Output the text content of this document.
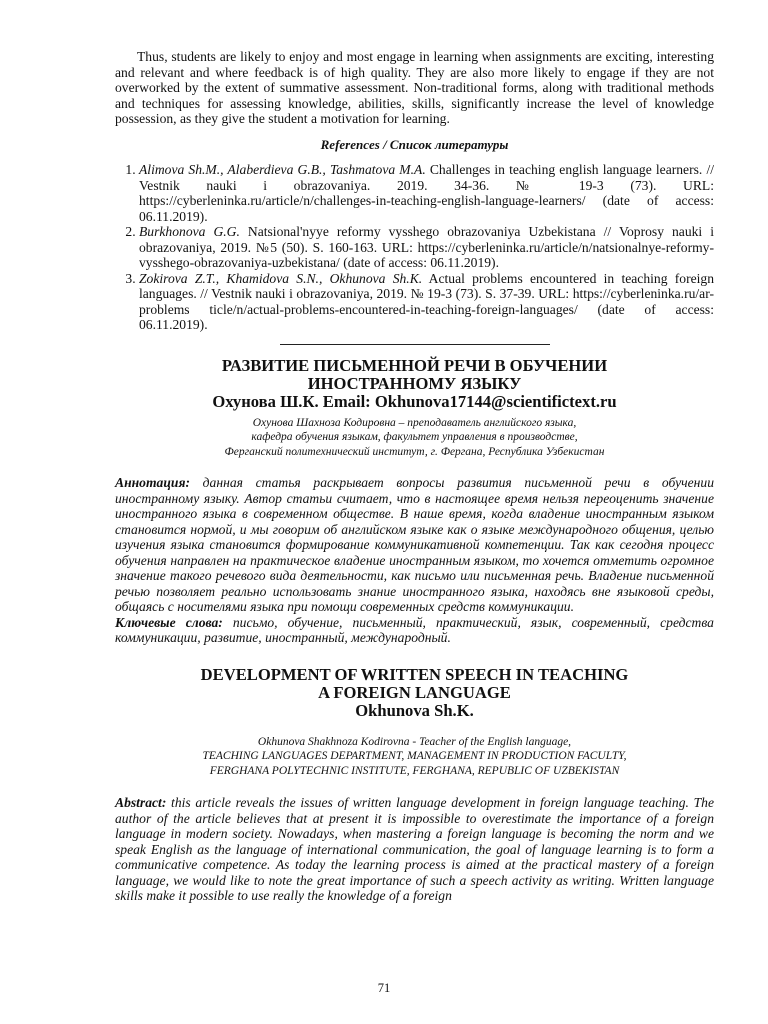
Thus, students are likely to enjoy and most engage in learning when assignments are exciting, interesting and relevant and where feedback is of high quality. They are also more likely to engage if they are not overworked by the extent of summative assessment. Non-traditional forms, along with traditional methods and techniques for assessing knowledge, abilities, skills, significantly increase the level of knowledge possession, as they give the student a motivation for learning.

References / Список литературы
1. Alimova Sh.M., Alaberdieva G.B., Tashmatova M.A. Challenges in teaching english language learners. // Vestnik nauki i obrazovaniya. 2019. 34-36. № 19-3 (73). URL: https://cyberleninka.ru/article/n/challenges-in-teaching-english-language-learners/ (date of access: 06.11.2019).
2. Burkhonova G.G. Natsional'nyye reformy vysshego obrazovaniya Uzbekistana // Voprosy nauki i obrazovaniya, 2019. №5 (50). S. 160-163. URL: https://cyberleninka.ru/article/n/natsionalnye-reformy-vysshego-obrazovaniya-uzbekistana/ (date of access: 06.11.2019).
3. Zokirova Z.T., Khamidova S.N., Okhunova Sh.K. Actual problems encountered in teaching foreign languages. // Vestnik nauki i obrazovaniya, 2019. № 19-3 (73). S. 37-39. URL: https://cyberleninka.ru/ar-problems ticle/n/actual-problems-encountered-in-teaching-foreign-languages/ (date of access: 06.11.2019).
РАЗВИТИЕ ПИСЬМЕННОЙ РЕЧИ В ОБУЧЕНИИ
ИНОСТРАННОМУ ЯЗЫКУ
Охунова Ш.К. Email: Okhunova17144@scientifictext.ru
Охунова Шахноза Кодировна – преподаватель английского языка,
кафедра обучения языкам, факультет управления в производстве,
Ферганский политехнический институт, г. Фергана, Республика Узбекистан

Аннотация: данная статья раскрывает вопросы развития письменной речи в обучении иностранному языку. Автор статьи считает, что в настоящее время нельзя переоценить значение иностранного языка в современном обществе. В наше время, когда владение иностранным языком становится нормой, и мы говорим об английском языке как о языке международного общения, целью изучения языка становится формирование коммуникативной компетенции. Так как сегодня процесс обучения направлен на практическое владение иностранным языком, то хочется отметить огромное значение такого речевого вида деятельности, как письмо или письменная речь. Владение письменной речью позволяет реально использовать знание иностранного языка, находясь вне языковой среды, общаясь с носителями языка при помощи современных средств коммуникации.

Ключевые слова: письмо, обучение, письменный, практический, язык, современный, средства коммуникации, развитие, иностранный, международный.

DEVELOPMENT OF WRITTEN SPEECH IN TEACHING
A FOREIGN LANGUAGE
Okhunova Sh.K.
Okhunova Shakhnoza Kodirovna - Teacher of the English language,
TEACHING LANGUAGES DEPARTMENT, MANAGEMENT IN PRODUCTION FACULTY,
FERGHANA POLYTECHNIC INSTITUTE, FERGHANA, REPUBLIC OF UZBEKISTAN

Abstract: this article reveals the issues of written language development in foreign language teaching. The author of the article believes that at present it is impossible to overestimate the importance of a foreign language in modern society. Nowadays, when mastering a foreign language is becoming the norm and we speak English as the language of international communication, the goal of language learning is to form a communicative competence. As today the learning process is aimed at the practical mastery of a foreign language, we would like to note the great importance of such a speech activity as writing. Written language skills make it possible to use really the knowledge of a foreign

71
